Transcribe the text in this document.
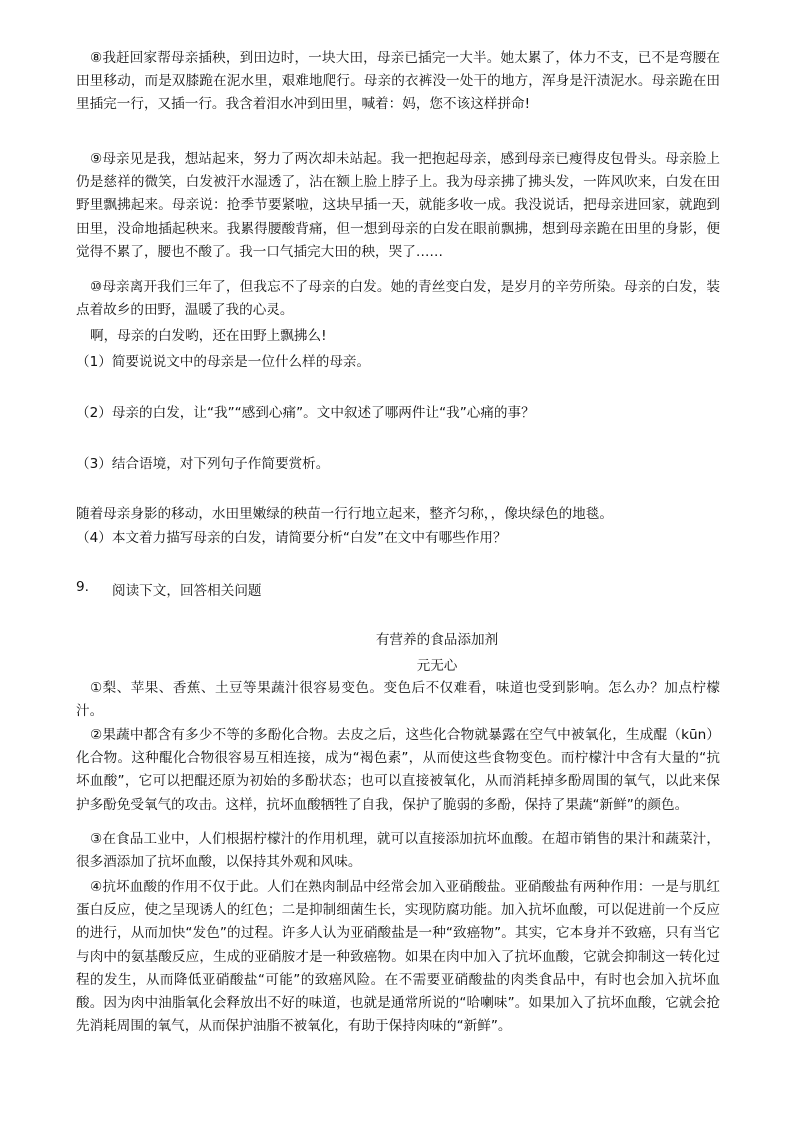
⑧我赶回家帮母亲插秧，到田边时，一块大田，母亲已插完一大半。她太累了，体力不支，已不是弯腰在田里移动，而是双膝跪在泥水里，艰难地爬行。母亲的衣裤没一处干的地方，浑身是汗渍泥水。母亲跪在田里插完一行，又插一行。我含着泪水冲到田里，喊着：妈，您不该这样拼命!

⑨母亲见是我，想站起来，努力了两次却未站起。我一把抱起母亲，感到母亲已瘦得皮包骨头。母亲脸上仍是慈祥的微笑，白发被汗水湿透了，沾在额上脸上脖子上。我为母亲拂了拂头发，一阵风吹来，白发在田野里飘拂起来。母亲说：抢季节要紧啦，这块早插一天，就能多收一成。我没说话，把母亲进回家，就跑到田里，没命地插起秧来。我累得腰酸背痛，但一想到母亲的白发在眼前飘拂，想到母亲跪在田里的身影，便觉得不累了，腰也不酸了。我一口气插完大田的秧，哭了……

⑩母亲离开我们三年了，但我忘不了母亲的白发。她的青丝变白发，是岁月的辛劳所染。母亲的白发，装点着故乡的田野，温暖了我的心灵。

啊，母亲的白发哟，还在田野上飘拂么!

（1）简要说说文中的母亲是一位什么样的母亲。

（2）母亲的白发，让“我”“感到心痛”。文中叙述了哪两件让“我”心痛的事？

（3）结合语境，对下列句子作简要赏析。

随着母亲身影的移动，水田里嫩绿的秧苗一行行地立起来，整齐匀称，，像块绿色的地毯。

（4）本文着力描写母亲的白发，请简要分析“白发”在文中有哪些作用？

9. 阅读下文，回答相关问题

有营养的食品添加剂

元无心

①梨、苹果、香蕉、土豆等果蔬汁很容易变色。变色后不仅难看，味道也受到影响。怎么办？加点柠檬汁。

②果蔬中都含有多少不等的多酚化合物。去皮之后，这些化合物就暴露在空气中被氧化，生成醌（kūn）化合物。这种醌化合物很容易互相连接，成为“褐色素”，从而使这些食物变色。而柠檬汁中含有大量的“抗坏血酸”，它可以把醌还原为初始的多酚状态；也可以直接被氧化，从而消耗掉多酚周围的氧气，以此来保护多酚免受氧气的攻击。这样，抗坏血酸牺牲了自我，保护了脆弱的多酚，保持了果蔬“新鲜”的颜色。

③在食品工业中，人们根据柠檬汁的作用机理，就可以直接添加抗坏血酸。在超市销售的果汁和蔬菜汁，很多酒添加了抗坏血酸，以保持其外观和风味。

④抗坏血酸的作用不仅于此。人们在熟肉制品中经常会加入亚硝酸盐。亚硝酸盐有两种作用：一是与肌红蛋白反应，使之呈现诱人的红色；二是抑制细菌生长，实现防腐功能。加入抗坏血酸，可以促进前一个反应的进行，从而加快“发色”的过程。许多人认为亚硝酸盐是一种“致癌物”。其实，它本身并不致癌，只有当它与肉中的氨基酸反应，生成的亚硝胺才是一种致癌物。如果在肉中加入了抗坏血酸，它就会抑制这一转化过程的发生，从而降低亚硝酸盐“可能”的致癌风险。在不需要亚硝酸盐的肉类食品中，有时也会加入抗坏血酸。因为肉中油脂氧化会释放出不好的味道，也就是通常所说的“哈喇味”。如果加入了抗坏血酸，它就会抢先消耗周围的氧气，从而保护油脂不被氧化，有助于保持肉味的“新鲜”。
